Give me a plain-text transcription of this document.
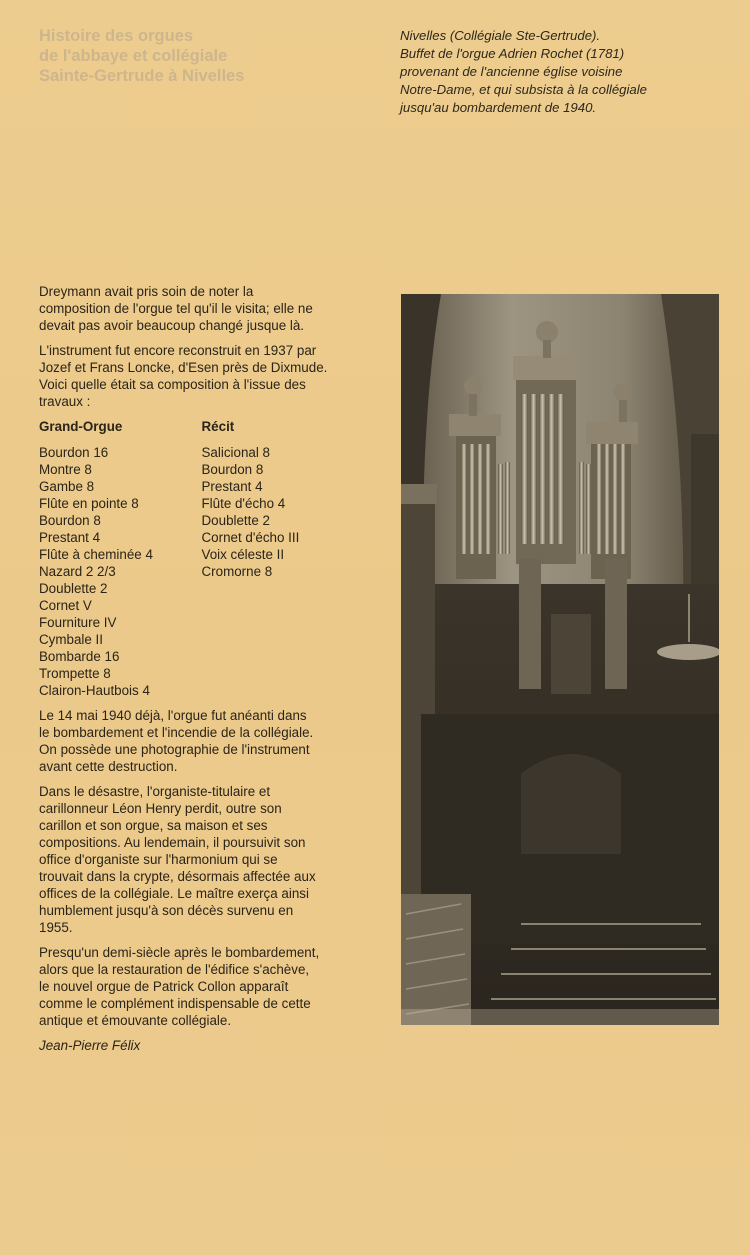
Histoire des orgues
de l'abbaye et collégiale
Sainte-Gertrude à Nivelles
Nivelles (Collégiale Ste-Gertrude).
Buffet de l'orgue Adrien Rochet (1781)
provenant de l'ancienne église voisine
Notre-Dame, et qui subsista à la collégiale
jusqu'au bombardement de 1940.

Dreymann avait pris soin de noter la
composition de l'orgue tel qu'il le visita; elle ne
devait pas avoir beaucoup changé jusque là.

L'instrument fut encore reconstruit en 1937 par
Jozef et Frans Loncke, d'Esen près de Dixmude.
Voici quelle était sa composition à l'issue des
travaux :

Grand-Orgue
Bourdon 16
Montre 8
Gambe 8
Flûte en pointe 8
Bourdon 8
Prestant 4
Flûte à cheminée 4
Nazard 2 2/3
Doublette 2
Cornet V
Fourniture IV
Cymbale II
Bombarde 16
Trompette 8
Clairon-Hautbois 4
Récit
Salicional 8
Bourdon 8
Prestant 4
Flûte d'écho 4
Doublette 2
Cornet d'écho III
Voix céleste II
Cromorne 8

Le 14 mai 1940 déjà, l'orgue fut anéanti dans
le bombardement et l'incendie de la collégiale.
On possède une photographie de l'instrument
avant cette destruction.

Dans le désastre, l'organiste-titulaire et
carillonneur Léon Henry perdit, outre son
carillon et son orgue, sa maison et ses
compositions. Au lendemain, il poursuivit son
office d'organiste sur l'harmonium qui se
trouvait dans la crypte, désormais affectée aux
offices de la collégiale. Le maître exerça ainsi
humblement jusqu'à son décès survenu en
1955.

Presqu'un demi-siècle après le bombardement,
alors que la restauration de l'édifice s'achève,
le nouvel orgue de Patrick Collon apparaît
comme le complément indispensable de cette
antique et émouvante collégiale.

Jean-Pierre Félix
